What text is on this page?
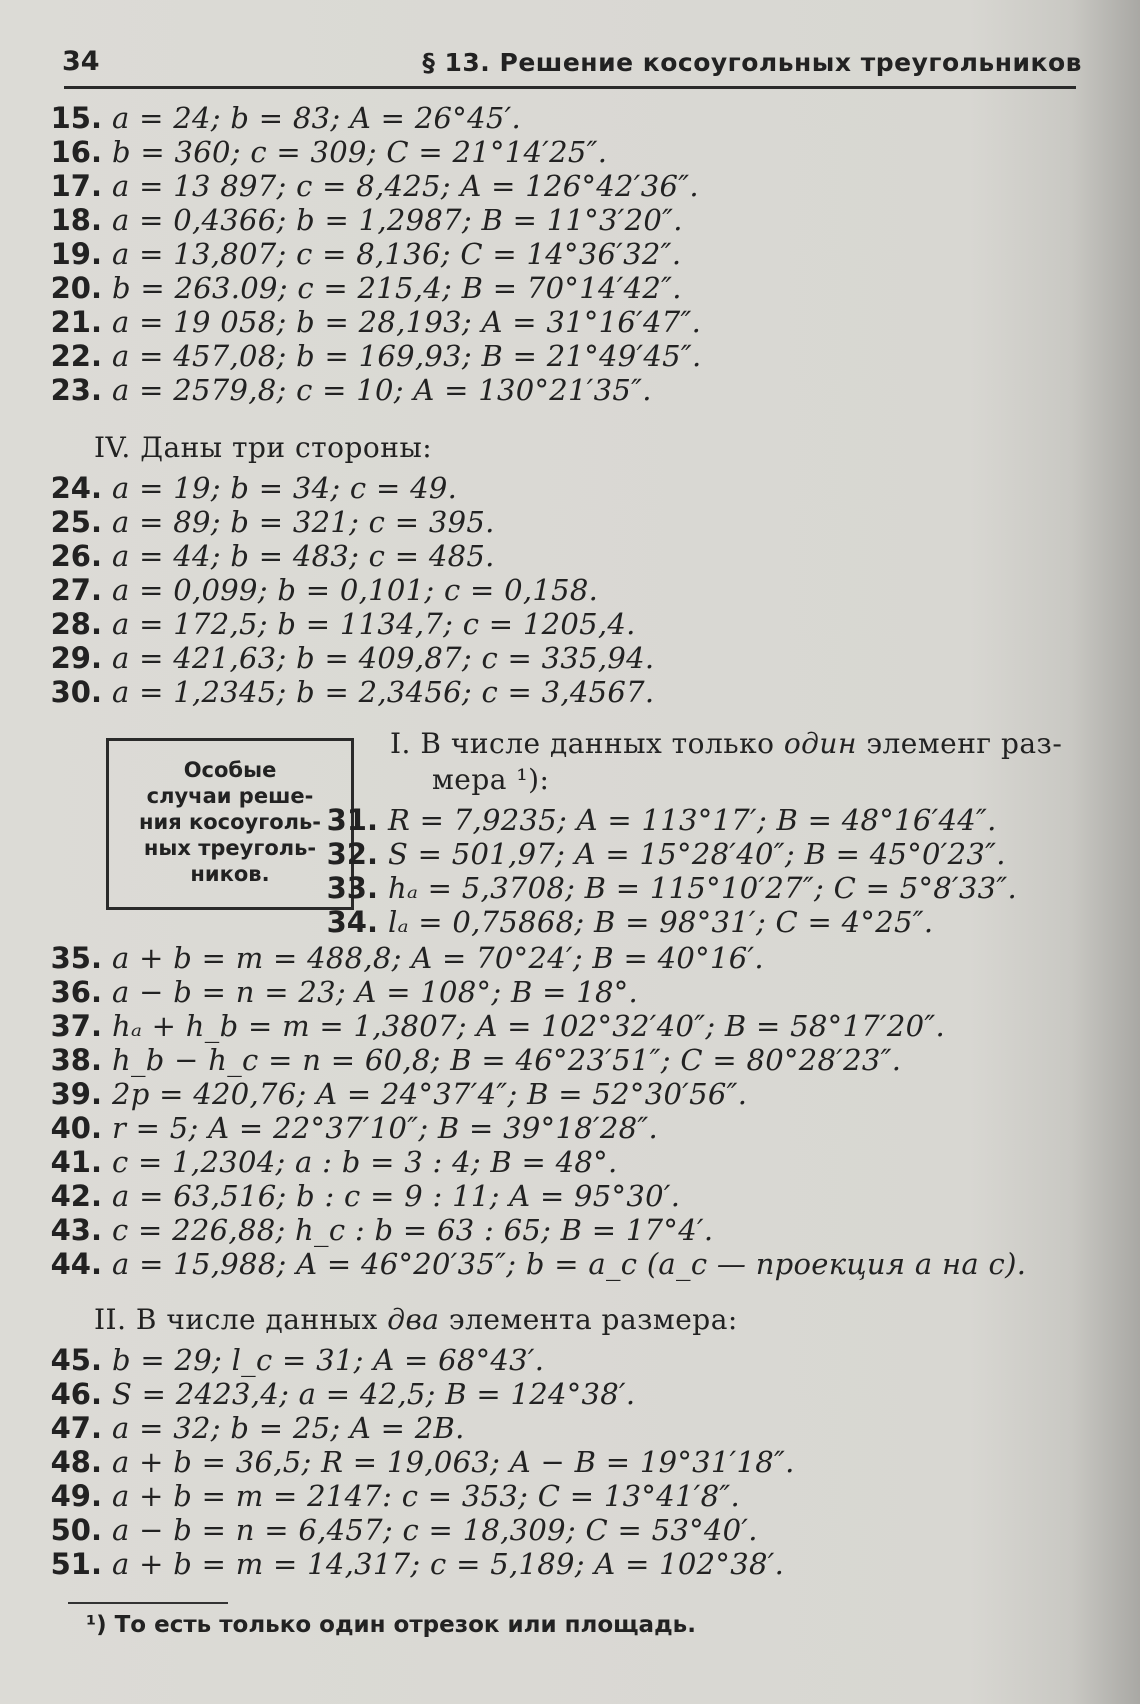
34	§ 13. Решение косоугольных треугольников
15. a = 24; b = 83; A = 26°45′.
16. b = 360; c = 309; C = 21°14′25″.
17. a = 13 897; c = 8,425; A = 126°42′36″.
18. a = 0,4366; b = 1,2987; B = 11°3′20″.
19. a = 13,807; c = 8,136; C = 14°36′32″.
20. b = 263.09; c = 215,4; B = 70°14′42″.
21. a = 19 058; b = 28,193; A = 31°16′47″.
22. a = 457,08; b = 169,93; B = 21°49′45″.
23. a = 2579,8; c = 10; A = 130°21′35″.
IV. Даны три стороны:
24. a = 19; b = 34; c = 49.
25. a = 89; b = 321; c = 395.
26. a = 44; b = 483; c = 485.
27. a = 0,099; b = 0,101; c = 0,158.
28. a = 172,5; b = 1134,7; c = 1205,4.
29. a = 421,63; b = 409,87; c = 335,94.
30. a = 1,2345; b = 2,3456; c = 3,4567.
Особые
случаи реше-
ния косоуголь-
ных треуголь-
ников.
I. В числе данных только один элеменг раз-
мера ¹):
31. R = 7,9235; A = 113°17′; B = 48°16′44″.
32. S = 501,97; A = 15°28′40″; B = 45°0′23″.
33. hₐ = 5,3708; B = 115°10′27″; C = 5°8′33″.
34. lₐ = 0,75868; B = 98°31′; C = 4°25″.
35. a + b = m = 488,8; A = 70°24′; B = 40°16′.
36. a − b = n = 23; A = 108°; B = 18°.
37. hₐ + h_b = m = 1,3807; A = 102°32′40″; B = 58°17′20″.
38. h_b − h_c = n = 60,8; B = 46°23′51″; C = 80°28′23″.
39. 2p = 420,76; A = 24°37′4″; B = 52°30′56″.
40. r = 5; A = 22°37′10″; B = 39°18′28″.
41. c = 1,2304; a : b = 3 : 4; B = 48°.
42. a = 63,516; b : c = 9 : 11; A = 95°30′.
43. c = 226,88; h_c : b = 63 : 65; B = 17°4′.
44. a = 15,988; A = 46°20′35″; b = a_c (a_c — проекция a на c).
II. В числе данных два элемента размера:
45. b = 29; l_c = 31; A = 68°43′.
46. S = 2423,4; a = 42,5; B = 124°38′.
47. a = 32; b = 25; A = 2B.
48. a + b = 36,5; R = 19,063; A − B = 19°31′18″.
49. a + b = m = 2147: c = 353; C = 13°41′8″.
50. a − b = n = 6,457; c = 18,309; C = 53°40′.
51. a + b = m = 14,317; c = 5,189; A = 102°38′.
¹) То есть только один отрезок или площадь.
